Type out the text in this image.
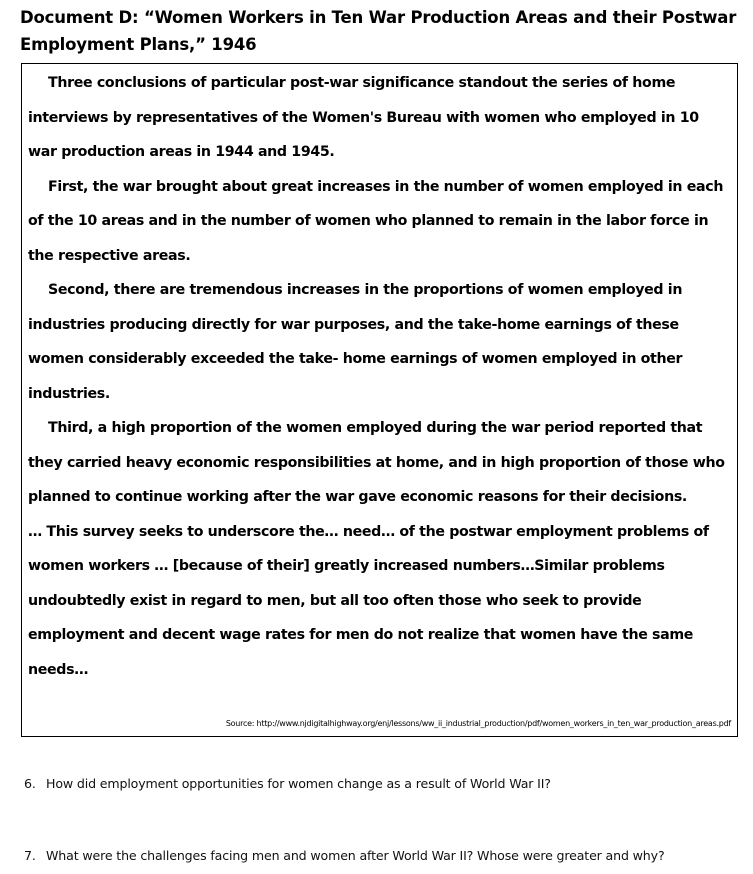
Document D: “Women Workers in Ten War Production Areas and their Postwar Employment Plans,” 1946

Three conclusions of particular post-war significance standout the series of home interviews by representatives of the Women's Bureau with women who employed in 10 war production areas in 1944 and 1945.

First, the war brought about great increases in the number of women employed in each of the 10 areas and in the number of women who planned to remain in the labor force in the respective areas.

Second, there are tremendous increases in the proportions of women employed in industries producing directly for war purposes, and the take-home earnings of these women considerably exceeded the take- home earnings of women employed in other industries.

Third, a high proportion of the women employed during the war period reported that they carried heavy economic responsibilities at home, and in high proportion of those who planned to continue working after the war gave economic reasons for their decisions.

… This survey seeks to underscore the… need… of the postwar employment problems of women workers … [because of their] greatly increased numbers…Similar problems undoubtedly exist in regard to men, but all too often those who seek to provide employment and decent wage rates for men do not realize that women have the same needs…

Source: http://www.njdigitalhighway.org/enj/lessons/ww_ii_industrial_production/pdf/women_workers_in_ten_war_production_areas.pdf
6. How did employment opportunities for women change as a result of World War II?
7. What were the challenges facing men and women after World War II? Whose were greater and why?
